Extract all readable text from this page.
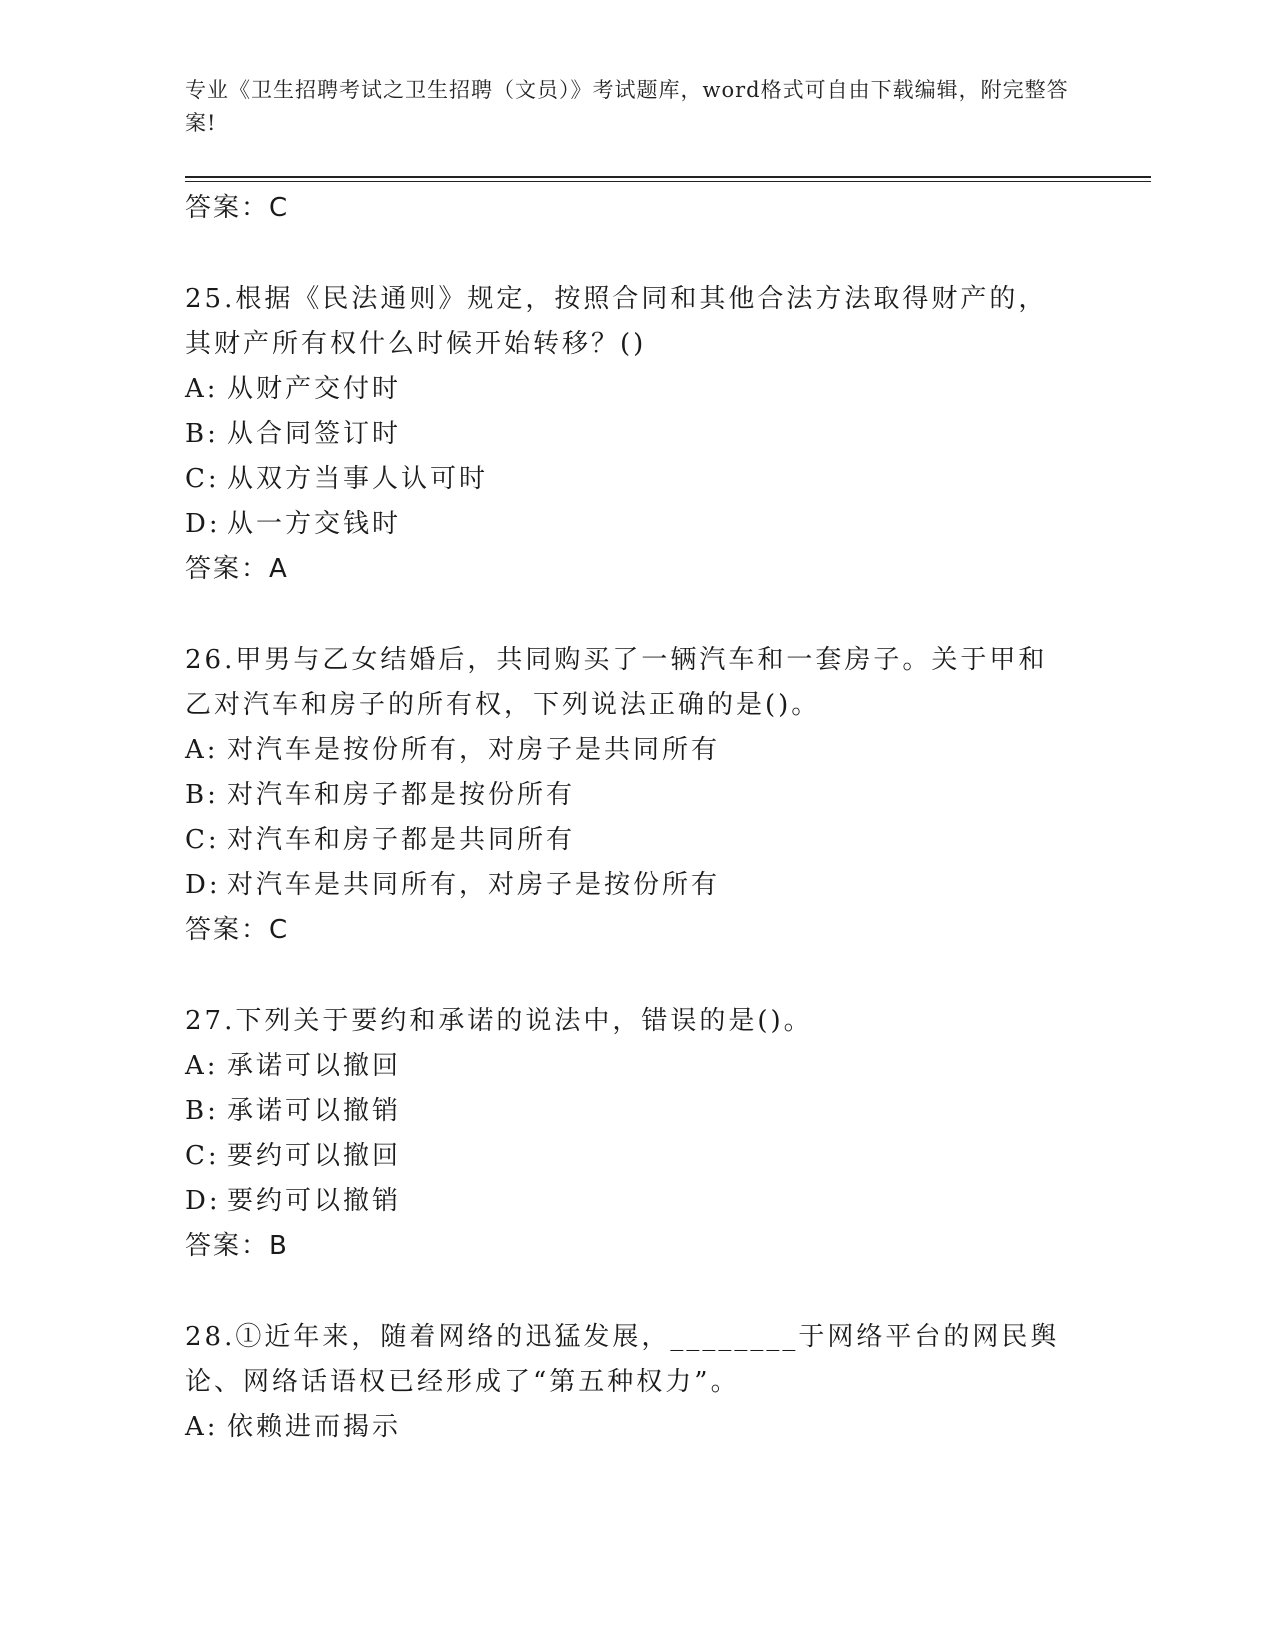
专业《卫生招聘考试之卫生招聘（文员）》考试题库，word格式可自由下载编辑，附完整答案!
答案：C
25.根据《民法通则》规定，按照合同和其他合法方法取得财产的，其财产所有权什么时候开始转移？()
A: 从财产交付时
B: 从合同签订时
C: 从双方当事人认可时
D: 从一方交钱时
答案：A
26.甲男与乙女结婚后，共同购买了一辆汽车和一套房子。关于甲和乙对汽车和房子的所有权，下列说法正确的是()。
A: 对汽车是按份所有，对房子是共同所有
B: 对汽车和房子都是按份所有
C: 对汽车和房子都是共同所有
D: 对汽车是共同所有，对房子是按份所有
答案：C
27.下列关于要约和承诺的说法中，错误的是()。
A: 承诺可以撤回
B: 承诺可以撤销
C: 要约可以撤回
D: 要约可以撤销
答案：B
28.①近年来，随着网络的迅猛发展，________于网络平台的网民舆论、网络话语权已经形成了“第五种权力”。
A: 依赖进而揭示
